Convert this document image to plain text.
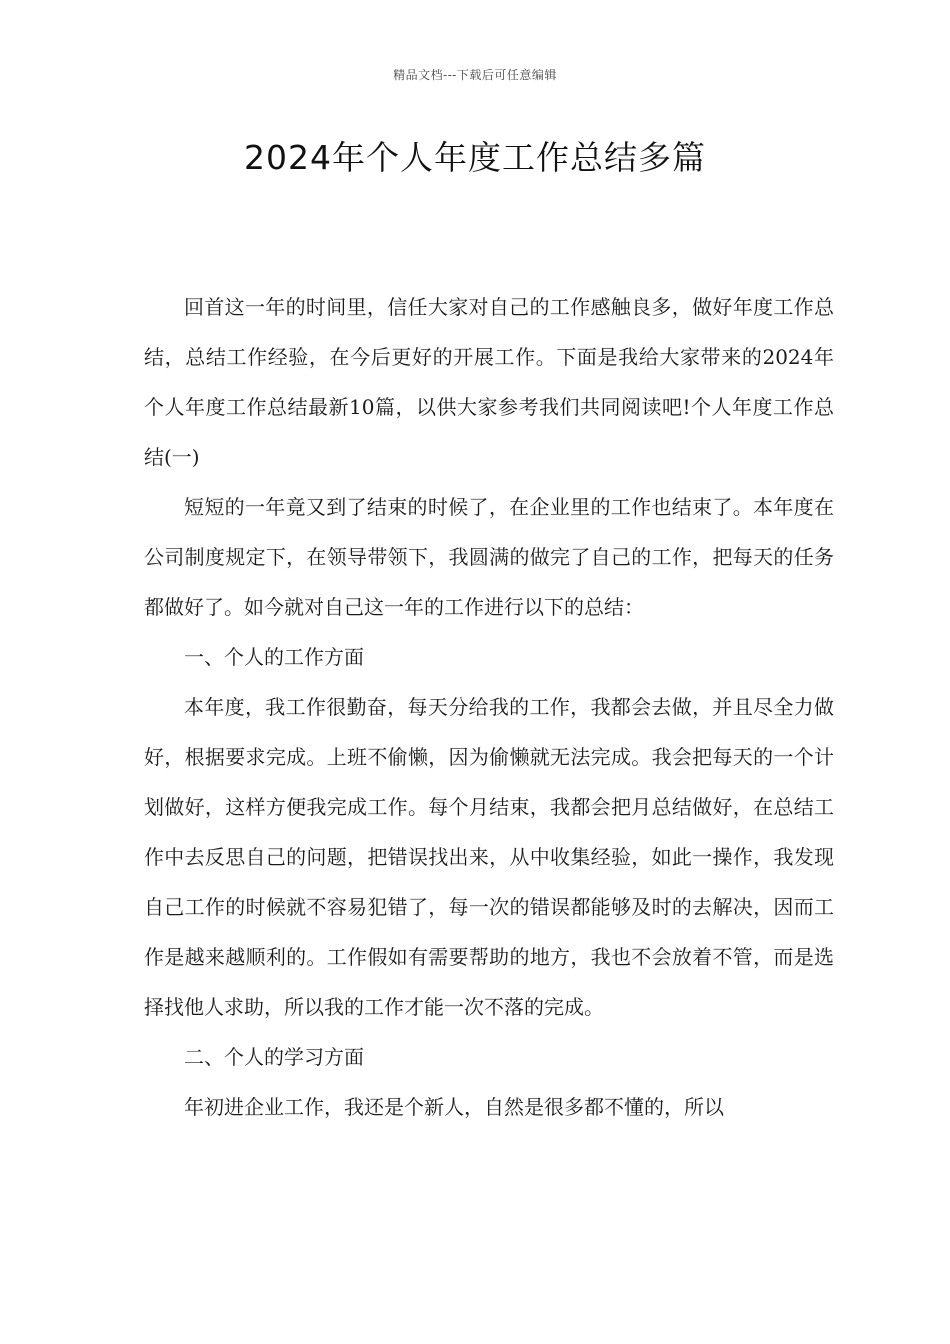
精品文档---下载后可任意编辑
2024年个人年度工作总结多篇

回首这一年的时间里，信任大家对自己的工作感触良多，做好年度工作总结，总结工作经验，在今后更好的开展工作。下面是我给大家带来的2024年个人年度工作总结最新10篇，以供大家参考我们共同阅读吧!个人年度工作总结(一)

短短的一年竟又到了结束的时候了，在企业里的工作也结束了。本年度在公司制度规定下，在领导带领下，我圆满的做完了自己的工作，把每天的任务都做好了。如今就对自己这一年的工作进行以下的总结：

一、个人的工作方面

本年度，我工作很勤奋，每天分给我的工作，我都会去做，并且尽全力做好，根据要求完成。上班不偷懒，因为偷懒就无法完成。我会把每天的一个计划做好，这样方便我完成工作。每个月结束，我都会把月总结做好，在总结工作中去反思自己的问题，把错误找出来，从中收集经验，如此一操作，我发现自己工作的时候就不容易犯错了，每一次的错误都能够及时的去解决，因而工作是越来越顺利的。工作假如有需要帮助的地方，我也不会放着不管，而是选择找他人求助，所以我的工作才能一次不落的完成。

二、个人的学习方面

年初进企业工作，我还是个新人，自然是很多都不懂的，所以
